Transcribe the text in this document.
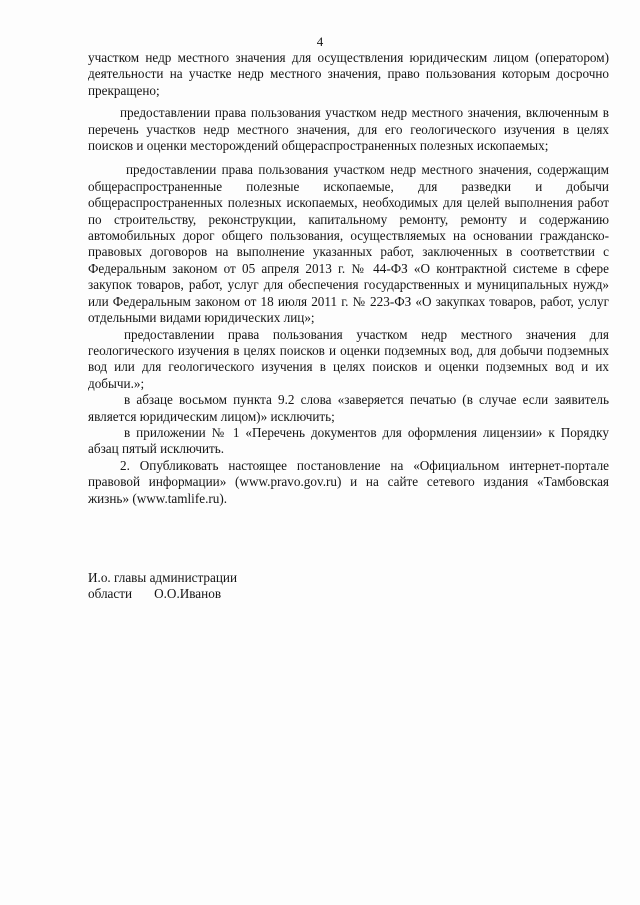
4

участком недр местного значения для осуществления юридическим лицом (оператором) деятельности на участке недр местного значения, право пользования которым досрочно прекращено;

предоставлении права пользования участком недр местного значения, включенным в перечень участков недр местного значения, для его геологического изучения в целях поисков и оценки месторождений общераспространенных полезных ископаемых;

предоставлении права пользования участком недр местного значения, содержащим общераспространенные полезные ископаемые, для разведки и добычи общераспространенных полезных ископаемых, необходимых для целей выполнения работ по строительству, реконструкции, капитальному ремонту, ремонту и содержанию автомобильных дорог общего пользования, осуществляемых на основании гражданско-правовых договоров на выполнение указанных работ, заключенных в соответствии с Федеральным законом от 05 апреля 2013 г. № 44-ФЗ «О контрактной системе в сфере закупок товаров, работ, услуг для обеспечения государственных и муниципальных нужд» или Федеральным законом от 18 июля 2011 г. № 223-ФЗ «О закупках товаров, работ, услуг отдельными видами юридических лиц»;

предоставлении права пользования участком недр местного значения для геологического изучения в целях поисков и оценки подземных вод, для добычи подземных вод или для геологического изучения в целях поисков и оценки подземных вод и их добычи.»;

в абзаце восьмом пункта 9.2 слова «заверяется печатью (в случае если заявитель является юридическим лицом)» исключить;

в приложении № 1 «Перечень документов для оформления лицензии» к Порядку абзац пятый исключить.

2. Опубликовать настоящее постановление на «Официальном интернет-портале правовой информации» (www.pravo.gov.ru) и на сайте сетевого издания «Тамбовская жизнь» (www.tamlife.ru).

И.о. главы администрации

области О.О.Иванов
